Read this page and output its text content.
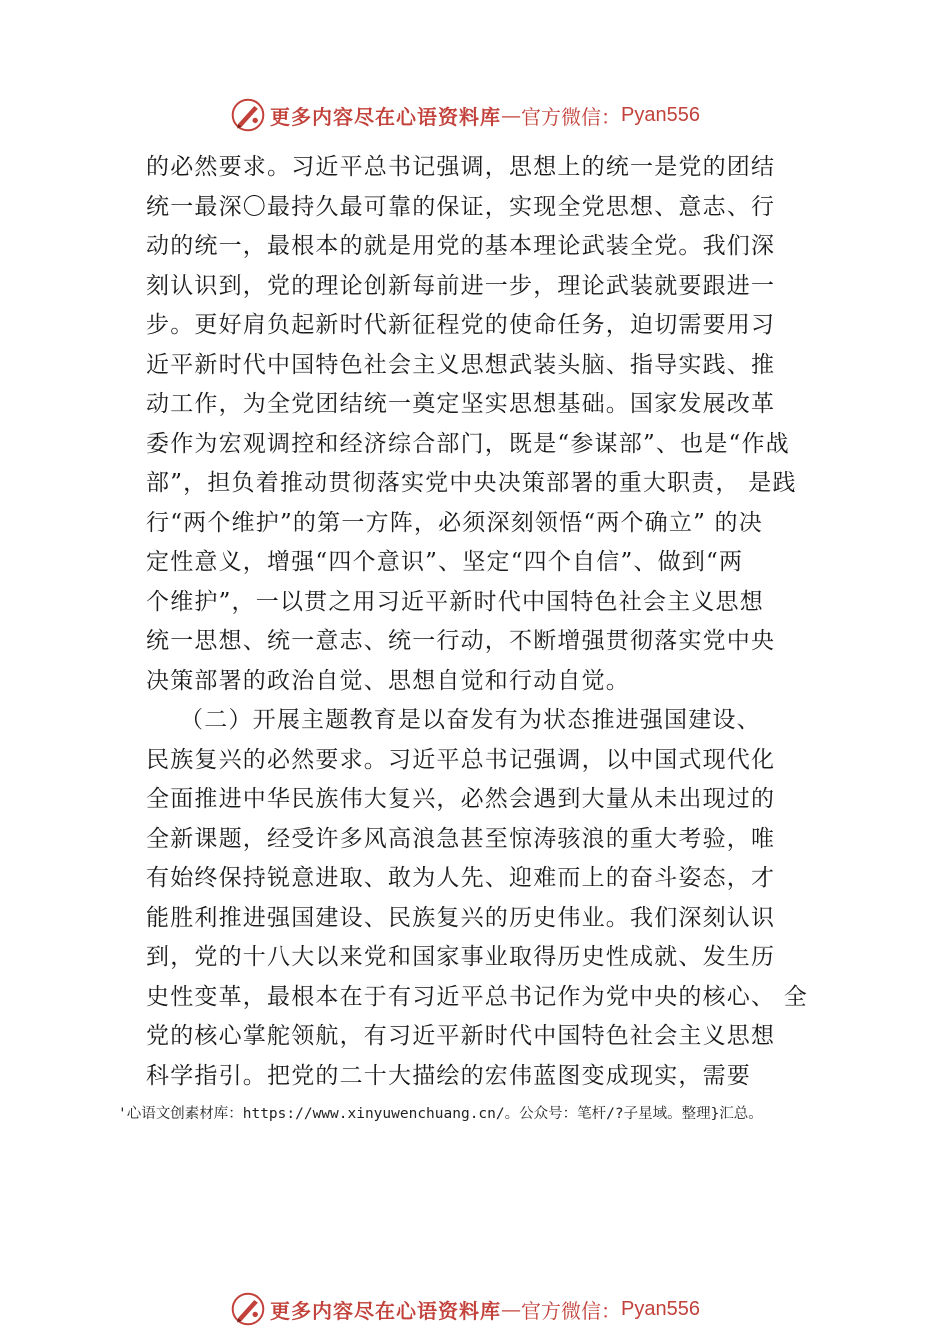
更多内容尽在心语资料库 — 官方微信： Pyan556
的必然要求。习近平总书记强调，思想上的统一是党的团结
统一最深〇最持久最可靠的保证，实现全党思想、意志、行
动的统一，最根本的就是用党的基本理论武装全党。我们深
刻认识到，党的理论创新每前进一步，理论武装就要跟进一
步。更好肩负起新时代新征程党的使命任务，迫切需要用习
近平新时代中国特色社会主义思想武装头脑、指导实践、推
动工作，为全党团结统一奠定坚实思想基础。国家发展改革
委作为宏观调控和经济综合部门，既是“参谋部”、也是“作战
部”，担负着推动贯彻落实党中央决策部署的重大职责， 是践
行“两个维护”的第一方阵，必须深刻领悟“两个确立” 的决
定性意义，增强“四个意识”、坚定“四个自信”、做到“两
个维护”，一以贯之用习近平新时代中国特色社会主义思想
统一思想、统一意志、统一行动，不断增强贯彻落实党中央
决策部署的政治自觉、思想自觉和行动自觉。
（二）开展主题教育是以奋发有为状态推进强国建设、
民族复兴的必然要求。习近平总书记强调，以中国式现代化
全面推进中华民族伟大复兴，必然会遇到大量从未出现过的
全新课题，经受许多风高浪急甚至惊涛骇浪的重大考验，唯
有始终保持锐意进取、敢为人先、迎难而上的奋斗姿态，才
能胜利推进强国建设、民族复兴的历史伟业。我们深刻认识
到，党的十八大以来党和国家事业取得历史性成就、发生历
史性变革，最根本在于有习近平总书记作为党中央的核心、 全
党的核心掌舵领航，有习近平新时代中国特色社会主义思想
科学指引。把党的二十大描绘的宏伟蓝图变成现实，需要
'心语文创素材库：https://www.xinyuwenchuang.cn/。公众号：笔杆/?子星域。整理}汇总。
更多内容尽在心语资料库 — 官方微信： Pyan556
